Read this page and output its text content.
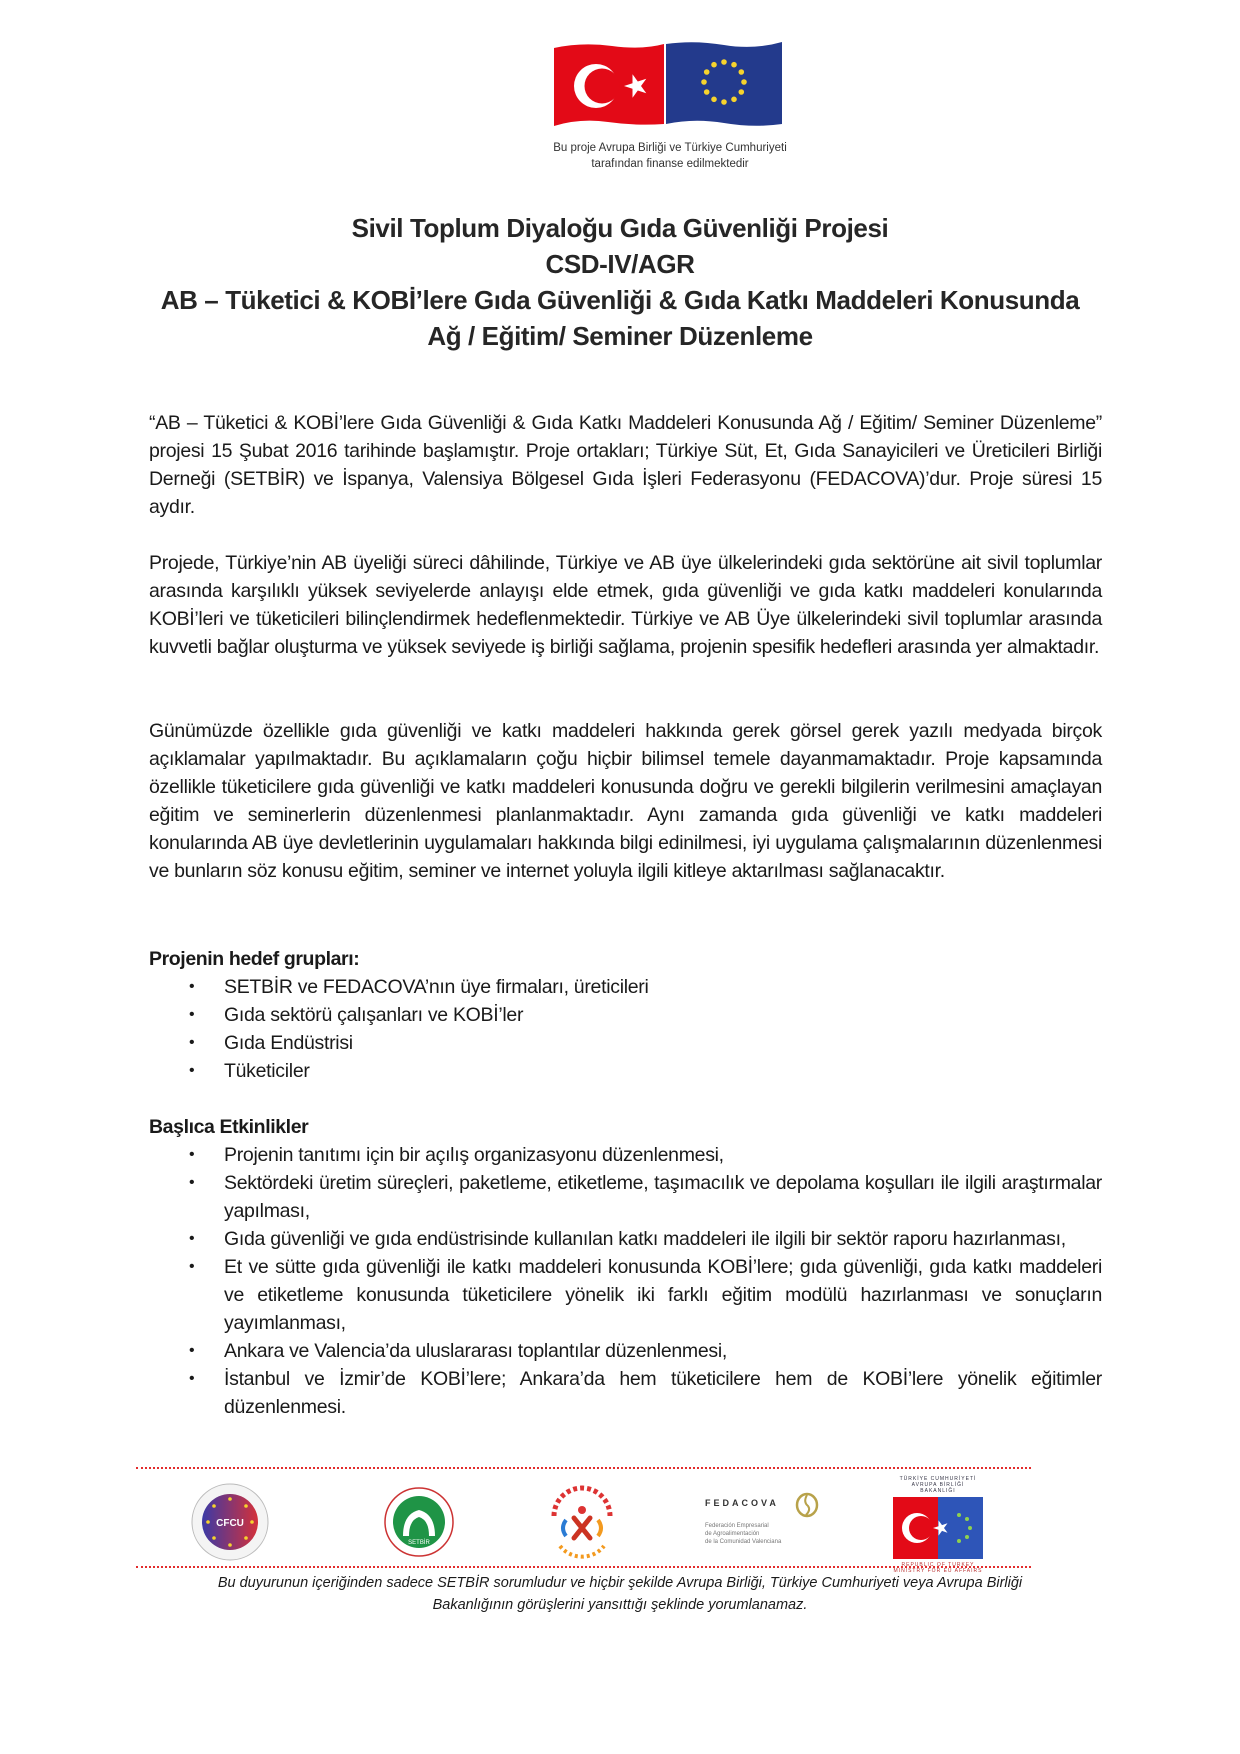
Bu proje Avrupa Birliği ve Türkiye Cumhuriyeti
tarafından finanse edilmektedir
Sivil Toplum Diyaloğu Gıda Güvenliği Projesi
CSD-IV/AGR
AB – Tüketici & KOBİ’lere Gıda Güvenliği & Gıda Katkı Maddeleri Konusunda
Ağ / Eğitim/ Seminer Düzenleme

“AB – Tüketici & KOBİ’lere Gıda Güvenliği & Gıda Katkı Maddeleri Konusunda Ağ / Eğitim/ Seminer Düzenleme” projesi 15 Şubat 2016 tarihinde başlamıştır. Proje ortakları; Türkiye Süt, Et, Gıda Sanayicileri ve Üreticileri Birliği Derneği (SETBİR) ve İspanya, Valensiya Bölgesel Gıda İşleri Federasyonu (FEDACOVA)’dur. Proje süresi 15 aydır.

Projede, Türkiye’nin AB üyeliği süreci dâhilinde, Türkiye ve AB üye ülkelerindeki gıda sektörüne ait sivil toplumlar arasında karşılıklı yüksek seviyelerde anlayışı elde etmek, gıda güvenliği ve gıda katkı maddeleri konularında KOBİ’leri ve tüketicileri bilinçlendirmek hedeflenmektedir. Türkiye ve AB Üye ülkelerindeki sivil toplumlar arasında kuvvetli bağlar oluşturma ve yüksek seviyede iş birliği sağlama, projenin spesifik hedefleri arasında yer almaktadır.

Günümüzde özellikle gıda güvenliği ve katkı maddeleri hakkında gerek görsel gerek yazılı medyada birçok açıklamalar yapılmaktadır. Bu açıklamaların çoğu hiçbir bilimsel temele dayanmamaktadır. Proje kapsamında özellikle tüketicilere gıda güvenliği ve katkı maddeleri konusunda doğru ve gerekli bilgilerin verilmesini amaçlayan eğitim ve seminerlerin düzenlenmesi planlanmaktadır. Aynı zamanda gıda güvenliği ve katkı maddeleri konularında AB üye devletlerinin uygulamaları hakkında bilgi edinilmesi, iyi uygulama çalışmalarının düzenlenmesi ve bunların söz konusu eğitim, seminer ve internet yoluyla ilgili kitleye aktarılması sağlanacaktır.

Projenin hedef grupları:
• SETBİR ve FEDACOVA’nın üye firmaları, üreticileri
• Gıda sektörü çalışanları ve KOBİ’ler
• Gıda Endüstrisi
• Tüketiciler
Başlıca Etkinlikler
• Projenin tanıtımı için bir açılış organizasyonu düzenlenmesi,
• Sektördeki üretim süreçleri, paketleme, etiketleme, taşımacılık ve depolama koşulları ile ilgili araştırmalar yapılması,
• Gıda güvenliği ve gıda endüstrisinde kullanılan katkı maddeleri ile ilgili bir sektör raporu hazırlanması,
• Et ve sütte gıda güvenliği ile katkı maddeleri konusunda KOBİ’lere; gıda güvenliği, gıda katkı maddeleri ve etiketleme konusunda tüketicilere yönelik iki farklı eğitim modülü hazırlanması ve sonuçların yayımlanması,
• Ankara ve Valencia’da uluslararası toplantılar düzenlenmesi,
• İstanbul ve İzmir’de KOBİ’lere; Ankara’da hem tüketicilere hem de KOBİ’lere yönelik eğitimler düzenlenmesi.
CFCU
SETBİR
FEDACOVA
Federación Empresarial
de Agroalimentación
de la Comunidad Valenciana
TÜRKİYE CUMHURİYETİ
AVRUPA BİRLİĞİ BAKANLIĞI
REPUBLIC OF TURKEY
MINISTRY FOR EU AFFAIRS
Bu duyurunun içeriğinden sadece SETBİR sorumludur ve hiçbir şekilde Avrupa Birliği, Türkiye Cumhuriyeti veya Avrupa Birliği
Bakanlığının görüşlerini yansıttığı şeklinde yorumlanamaz.
